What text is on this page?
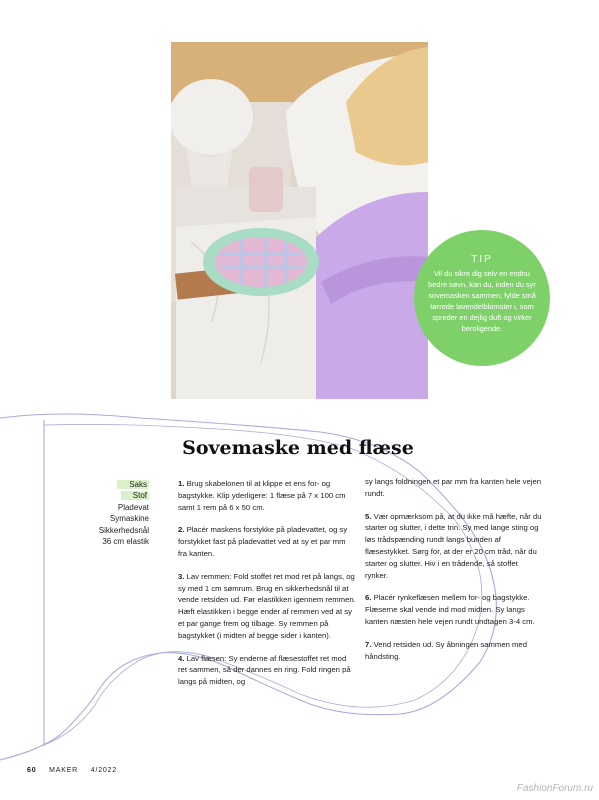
TIP
Vil du sikre dig selv en endnu bedre søvn, kan du, inden du syr sovemasken sammen, fylde små tørrede lavendelblomster i, som spreder en dejlig duft og virker beroligende.
Sovemaske med flæse
Saks
Stof
Pladevat
Symaskine
Sikkerhedsnål
36 cm elastik

1. Brug skabelonen til at klippe et ens for- og bagstykke. Klip yderligere: 1 flæse på 7 x 100 cm samt 1 rem på 6 x 50 cm.

2. Placér maskens forstykke på pladevattet, og sy forstykket fast på pladevattet ved at sy et par mm fra kanten.

3. Lav remmen: Fold stoffet ret mod ret på langs, og sy med 1 cm sømrum. Brug en sikkerhedsnål til at vende retsiden ud. Før elastikken igennem remmen. Hæft elastikken i begge ender af remmen ved at sy et par gange frem og tilbage. Sy remmen på bagstykket (i midten af begge sider i kanten).

4. Lav flæsen: Sy enderne af flæsestoffet ret mod ret sammen, så der dannes en ring. Fold ringen på langs på midten, og

sy langs foldningen et par mm fra kanten hele vejen rundt.

5. Vær opmærksom på, at du ikke må hæfte, når du starter og slutter, i dette trin. Sy med lange sting og løs trådspænding rundt langs bunden af flæsestykket. Sørg for, at der er 20 cm tråd, når du starter og slutter. Hiv i en trådende, så stoffet rynker.

6. Placér rynkeflæsen mellem for- og bagstykke. Flæserne skal vende ind mod midten. Sy langs kanten næsten hele vejen rundt undtagen 3-4 cm.

7. Vend retsiden ud. Sy åbningen sammen med håndsting.

60 MAKER 4/2022
FashionForum.ru
